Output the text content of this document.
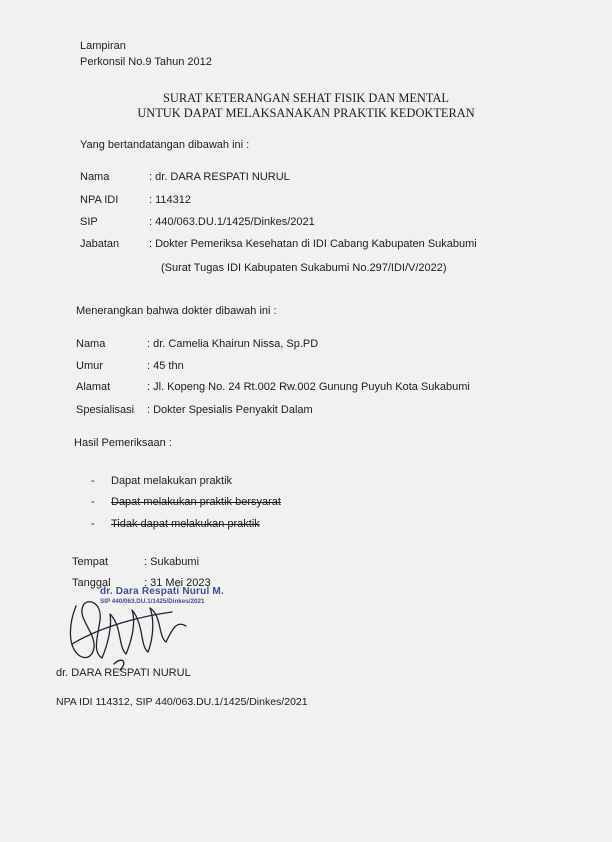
Lampiran
Perkonsil No.9 Tahun 2012
SURAT KETERANGAN SEHAT FISIK DAN MENTAL
UNTUK DAPAT MELAKSANAKAN PRAKTIK KEDOKTERAN
Yang bertandatangan dibawah ini :
Nama	: dr. DARA RESPATI NURUL
NPA IDI	: 114312
SIP	: 440/063.DU.1/1425/Dinkes/2021
Jabatan	: Dokter Pemeriksa Kesehatan di IDI Cabang Kabupaten Sukabumi
(Surat Tugas IDI Kabupaten Sukabumi No.297/IDI/V/2022)
Menerangkan bahwa dokter dibawah ini :
Nama	: dr. Camelia Khairun Nissa, Sp.PD
Umur	: 45 thn
Alamat	: Jl. Kopeng No. 24 Rt.002 Rw.002 Gunung Puyuh Kota Sukabumi
Spesialisasi : Dokter Spesialis Penyakit Dalam
Hasil Pemeriksaan :
- Dapat melakukan praktik
- Dapat melakukan praktik bersyarat
- Tidak dapat melakukan praktik
Tempat	: Sukabumi
Tanggal	: 31 Mei 2023
dr. Dara Respati Nurul M.
SIP 440/063.DU.1/1425/Dinkes/2021
dr. DARA RESPATI NURUL
NPA IDI 114312, SIP 440/063.DU.1/1425/Dinkes/2021
